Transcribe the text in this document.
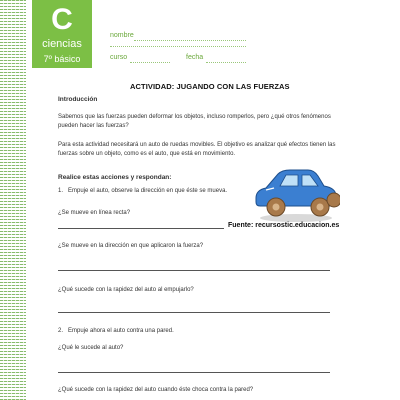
C
ciencias
7º básico
nombre
curso	fecha
ACTIVIDAD: JUGANDO CON LAS FUERZAS
Introducción
Sabemos que las fuerzas pueden deformar los objetos, incluso romperlos, pero ¿qué otros fenómenos pueden hacer las fuerzas?
Para esta actividad necesitará un auto de ruedas movibles. El objetivo es analizar qué efectos tienen las fuerzas sobre un objeto, como es el auto, que está en movimiento.
Realice estas acciones y respondan:
1. Empuje el auto, observe la dirección en que éste se mueva.
¿Se mueve en línea recta?
Fuente: recursostic.educacion.es
¿Se mueve en la dirección en que aplicaron la fuerza?
¿Qué sucede con la rapidez del auto al empujarlo?
2. Empuje ahora el auto contra una pared.
¿Qué le sucede al auto?
¿Qué sucede con la rapidez del auto cuando éste choca contra la pared?
